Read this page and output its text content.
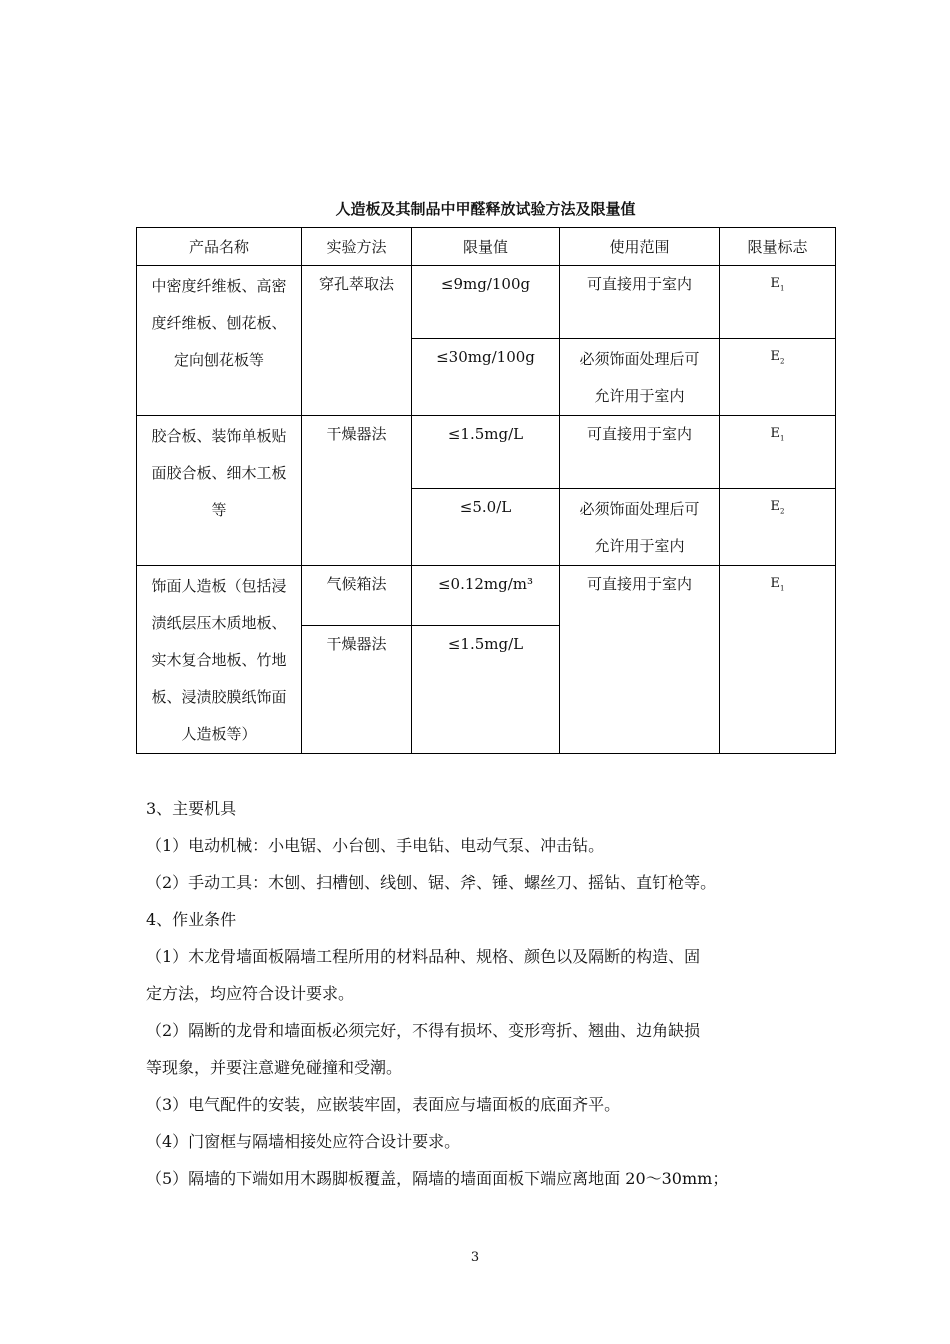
人造板及其制品中甲醛释放试验方法及限量值
产品名称	实验方法	限量值	使用范围	限量标志

中密度纤维板、高密
度纤维板、刨花板、
定向刨花板等	穿孔萃取法	≤9mg/100g	可直接用于室内	$E_1$

		≤30mg/100g	必须饰面处理后可
允许用于室内	$E_2$

胶合板、装饰单板贴
面胶合板、细木工板
等	干燥器法	≤1.5mg/L	可直接用于室内	$E_1$

		≤5.0/L	必须饰面处理后可
允许用于室内	$E_2$

饰面人造板（包括浸
渍纸层压木质地板、
实木复合地板、竹地
板、浸渍胶膜纸饰面
人造板等）	气候箱法	≤0.12mg/m³	可直接用于室内	$E_1$

	干燥器法	≤1.5mg/L		

3、主要机具

（1）电动机械：小电锯、小台刨、手电钻、电动气泵、冲击钻。

（2）手动工具：木刨、扫槽刨、线刨、锯、斧、锤、螺丝刀、摇钻、直钉枪等。

4、作业条件

（1）木龙骨墙面板隔墙工程所用的材料品种、规格、颜色以及隔断的构造、固

定方法，均应符合设计要求。

（2）隔断的龙骨和墙面板必须完好，不得有损坏、变形弯折、翘曲、边角缺损

等现象，并要注意避免碰撞和受潮。

（3）电气配件的安装，应嵌装牢固，表面应与墙面板的底面齐平。

（4）门窗框与隔墙相接处应符合设计要求。

（5）隔墙的下端如用木踢脚板覆盖，隔墙的墙面面板下端应离地面 20～30mm；

3
